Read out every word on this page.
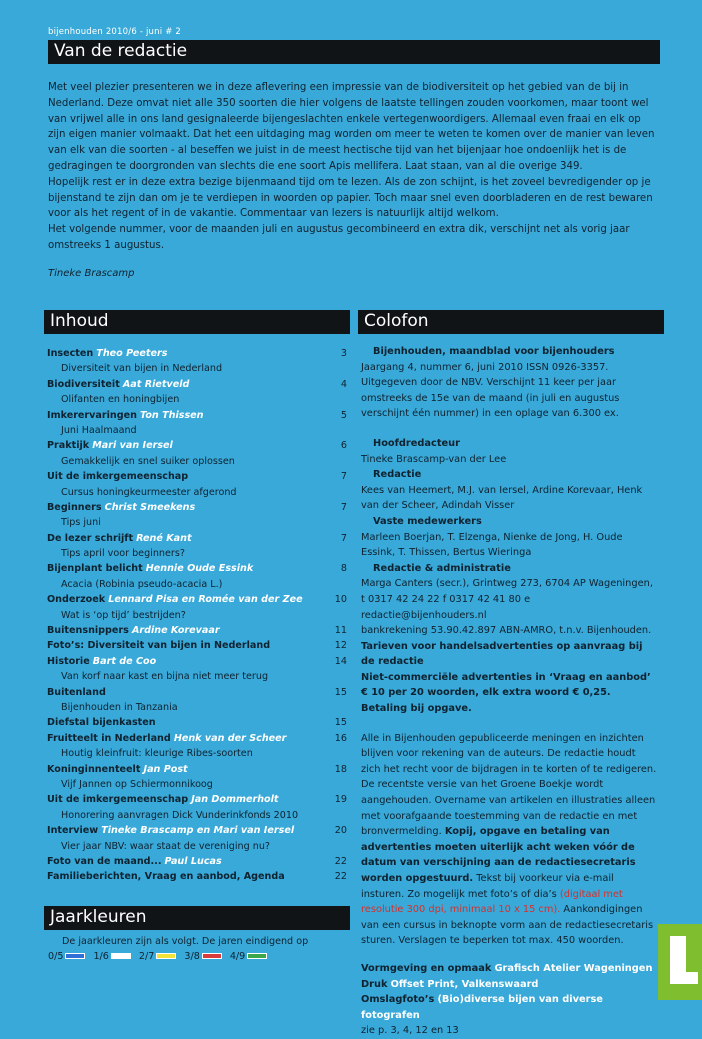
bijenhouden 2010/6 - juni # 2
Van de redactie

Met veel plezier presenteren we in deze aflevering een impressie van de biodiversiteit op het gebied van de bij in Nederland. Deze omvat niet alle 350 soorten die hier volgens de laatste tellingen zouden voorkomen, maar toont wel van vrijwel alle in ons land gesignaleerde bijengeslachten enkele vertegenwoordigers. Allemaal even fraai en elk op zijn eigen manier volmaakt. Dat het een uitdaging mag worden om meer te weten te komen over de manier van leven van elk van die soorten - al beseffen we juist in de meest hectische tijd van het bijenjaar hoe ondoenlijk het is de gedragingen te doorgronden van slechts die ene soort Apis mellifera. Laat staan, van al die overige 349.

Hopelijk rest er in deze extra bezige bijenmaand tijd om te lezen. Als de zon schijnt, is het zoveel bevredigender op je bijenstand te zijn dan om je te verdiepen in woorden op papier. Toch maar snel even doorbladeren en de rest bewaren voor als het regent of in de vakantie. Commentaar van lezers is natuurlijk altijd welkom.

Het volgende nummer, voor de maanden juli en augustus gecombineerd en extra dik, verschijnt net als vorig jaar omstreeks 1 augustus.

Tineke Brascamp
Inhoud	Colofon
Insecten Theo Peeters	3
Diversiteit van bijen in Nederland
Biodiversiteit Aat Rietveld	4
Olifanten en honingbijen
Imkerervaringen Ton Thissen	5
Juni Haalmaand
Praktijk Mari van Iersel	6
Gemakkelijk en snel suiker oplossen
Uit de imkergemeenschap	7
Cursus honingkeurmeester afgerond
Beginners Christ Smeekens	7
Tips juni
De lezer schrijft René Kant	7
Tips april voor beginners?
Bijenplant belicht Hennie Oude Essink	8
Acacia (Robinia pseudo-acacia L.)
Onderzoek Lennard Pisa en Romée van der Zee	10
Wat is ‘op tijd’ bestrijden?
Buitensnippers Ardine Korevaar	11
Foto’s: Diversiteit van bijen in Nederland	12
Historie Bart de Coo	14
Van korf naar kast en bijna niet meer terug
Buitenland	15
Bijenhouden in Tanzania
Diefstal bijenkasten	15
Fruitteelt in Nederland Henk van der Scheer	16
Houtig kleinfruit: kleurige Ribes-soorten
Koninginnenteelt Jan Post	18
Vijf Jannen op Schiermonnikoog
Uit de imkergemeenschap Jan Dommerholt	19
Honorering aanvragen Dick Vunderinkfonds 2010
Interview Tineke Brascamp en Mari van Iersel	20
Vier jaar NBV: waar staat de vereniging nu?
Foto van de maand... Paul Lucas	22
Familieberichten, Vraag en aanbod, Agenda	22
Jaarkleuren
De jaarkleuren zijn als volgt. De jaren eindigend op
0/5	1/6	2/7	3/8	4/9

Bijenhouden, maandblad voor bijenhouders

Jaargang 4, nummer 6, juni 2010 ISSN 0926-3357. Uitgegeven door de NBV. Verschijnt 11 keer per jaar omstreeks de 15e van de maand (in juli en augustus verschijnt één nummer) in een oplage van 6.300 ex.

Hoofdredacteur

Tineke Brascamp-van der Lee

Redactie

Kees van Heemert, M.J. van Iersel, Ardine Korevaar, Henk van der Scheer, Adindah Visser

Vaste medewerkers

Marleen Boerjan, T. Elzenga, Nienke de Jong, H. Oude Essink, T. Thissen, Bertus Wieringa

Redactie & administratie

Marga Canters (secr.), Grintweg 273, 6704 AP Wageningen,

t 0317 42 24 22 f 0317 42 41 80 e redactie@bijenhouders.nl

bankrekening 53.90.42.897 ABN-AMRO, t.n.v. Bijenhouden.

Tarieven voor handelsadvertenties op aanvraag bij de redactie

Niet-commerciële advertenties in ‘Vraag en aanbod’ € 10 per 20 woorden, elk extra woord € 0,25. Betaling bij opgave.

Alle in Bijenhouden gepubliceerde meningen en inzichten blijven voor rekening van de auteurs. De redactie houdt zich het recht voor de bijdragen in te korten of te redigeren. De recentste versie van het Groene Boekje wordt aangehouden. Overname van artikelen en illustraties alleen met voorafgaande toestemming van de redactie en met bronvermelding. Kopij, opgave en betaling van advertenties moeten uiterlijk acht weken vóór de datum van verschijning aan de redactiesecretaris worden opgestuurd. Tekst bij voorkeur via e-mail insturen. Zo mogelijk met foto’s of dia’s (digitaal met resolutie 300 dpi, minimaal 10 x 15 cm). Aankondigingen van een cursus in beknopte vorm aan de redactiesecretaris sturen. Verslagen te beperken tot max. 450 woorden.

Vormgeving en opmaak Grafisch Atelier Wageningen

Druk Offset Print, Valkenswaard

Omslagfoto’s (Bio)diverse bijen van diverse fotografen

zie p. 3, 4, 12 en 13
